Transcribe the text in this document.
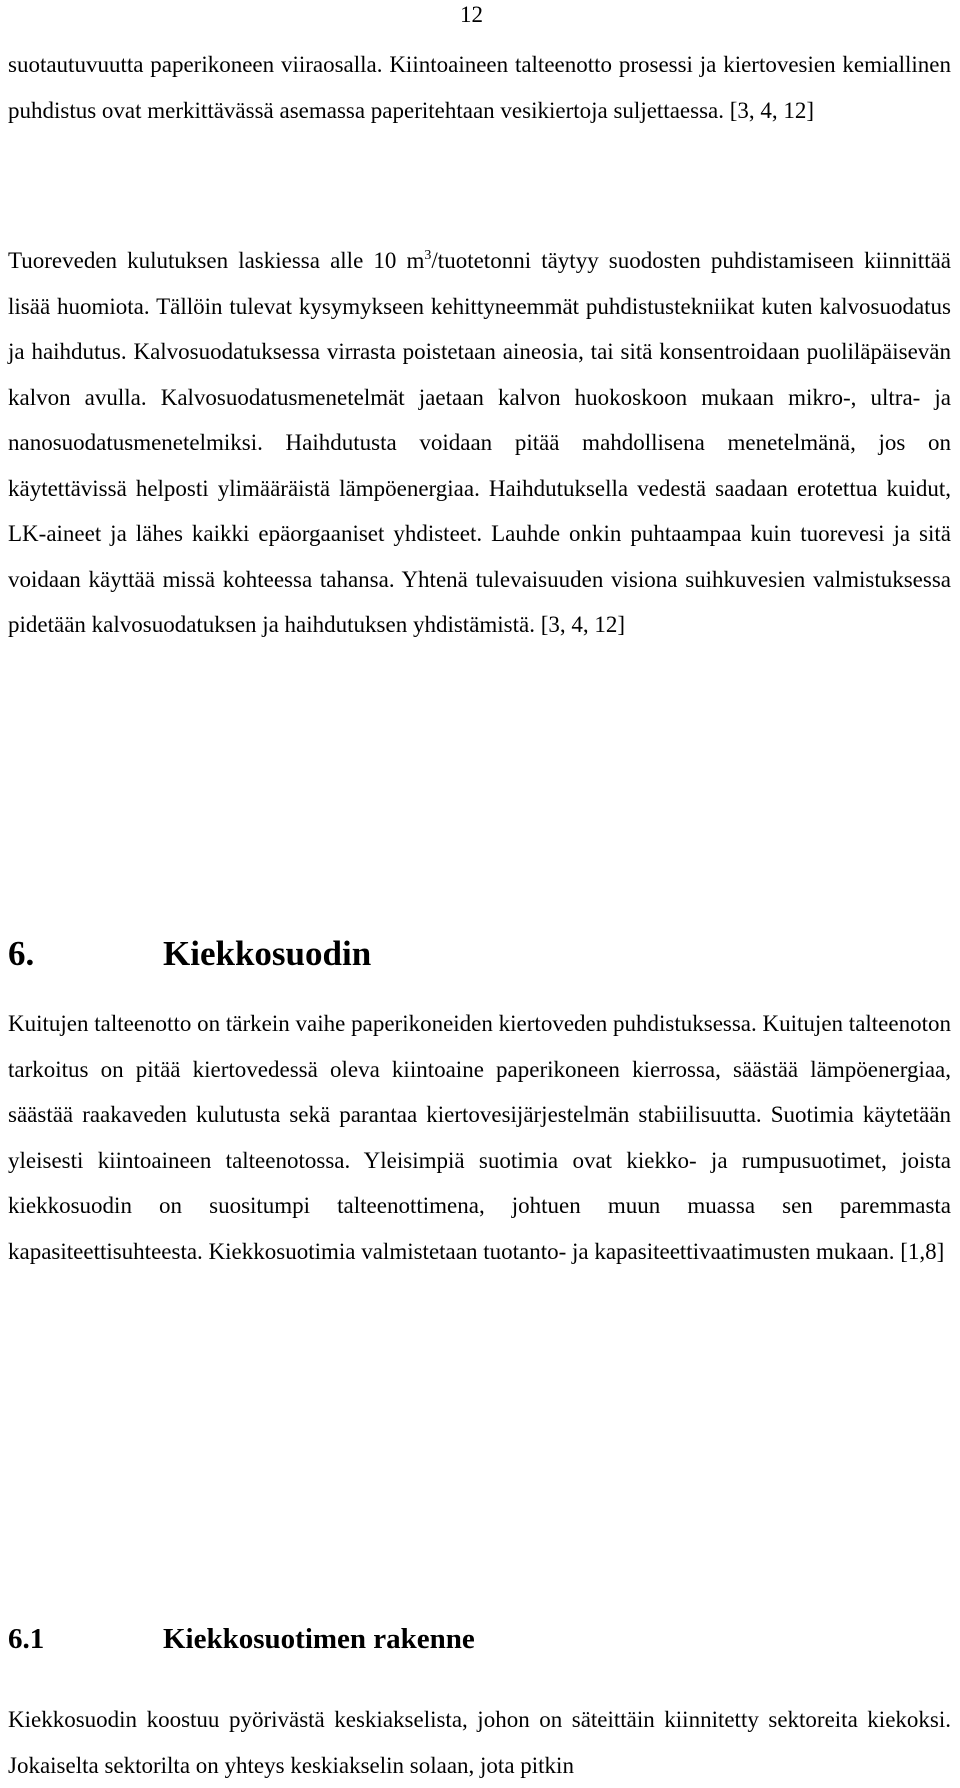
12

suotautuvuutta paperikoneen viiraosalla. Kiintoaineen talteenotto prosessi ja kiertovesien kemiallinen puhdistus ovat merkittävässä asemassa paperitehtaan vesikiertoja suljettaessa. [3, 4, 12]

Tuoreveden kulutuksen laskiessa alle 10 $m^3$/tuotetonni täytyy suodosten puhdistamiseen kiinnittää lisää huomiota. Tällöin tulevat kysymykseen kehittyneemmät puhdistustekniikat kuten kalvosuodatus ja haihdutus. Kalvosuodatuksessa virrasta poistetaan aineosia, tai sitä konsentroidaan puoliläpäisevän kalvon avulla. Kalvosuodatusmenetelmät jaetaan kalvon huokoskoon mukaan mikro-, ultra- ja nanosuodatusmenetelmiksi. Haihdutusta voidaan pitää mahdollisena menetelmänä, jos on käytettävissä helposti ylimääräistä lämpöenergiaa. Haihdutuksella vedestä saadaan erotettua kuidut, LK-aineet ja lähes kaikki epäorgaaniset yhdisteet. Lauhde onkin puhtaampaa kuin tuorevesi ja sitä voidaan käyttää missä kohteessa tahansa. Yhtenä tulevaisuuden visiona suihkuvesien valmistuksessa pidetään kalvosuodatuksen ja haihdutuksen yhdistämistä. [3, 4, 12]

6.	Kiekkosuodin

Kuitujen talteenotto on tärkein vaihe paperikoneiden kiertoveden puhdistuksessa. Kuitujen talteenoton tarkoitus on pitää kiertovedessä oleva kiintoaine paperikoneen kierrossa, säästää lämpöenergiaa, säästää raakaveden kulutusta sekä parantaa kiertovesijärjestelmän stabiilisuutta. Suotimia käytetään yleisesti kiintoaineen talteenotossa. Yleisimpiä suotimia ovat kiekko- ja rumpusuotimet, joista kiekkosuodin on suositumpi talteenottimena, johtuen muun muassa sen paremmasta kapasiteettisuhteesta. Kiekkosuotimia valmistetaan tuotanto- ja kapasiteettivaatimusten mukaan. [1,8]

6.1	Kiekkosuotimen rakenne

Kiekkosuodin koostuu pyörivästä keskiakselista, johon on säteittäin kiinnitetty sektoreita kiekoksi. Jokaiselta sektorilta on yhteys keskiakselin solaan, jota pitkin
